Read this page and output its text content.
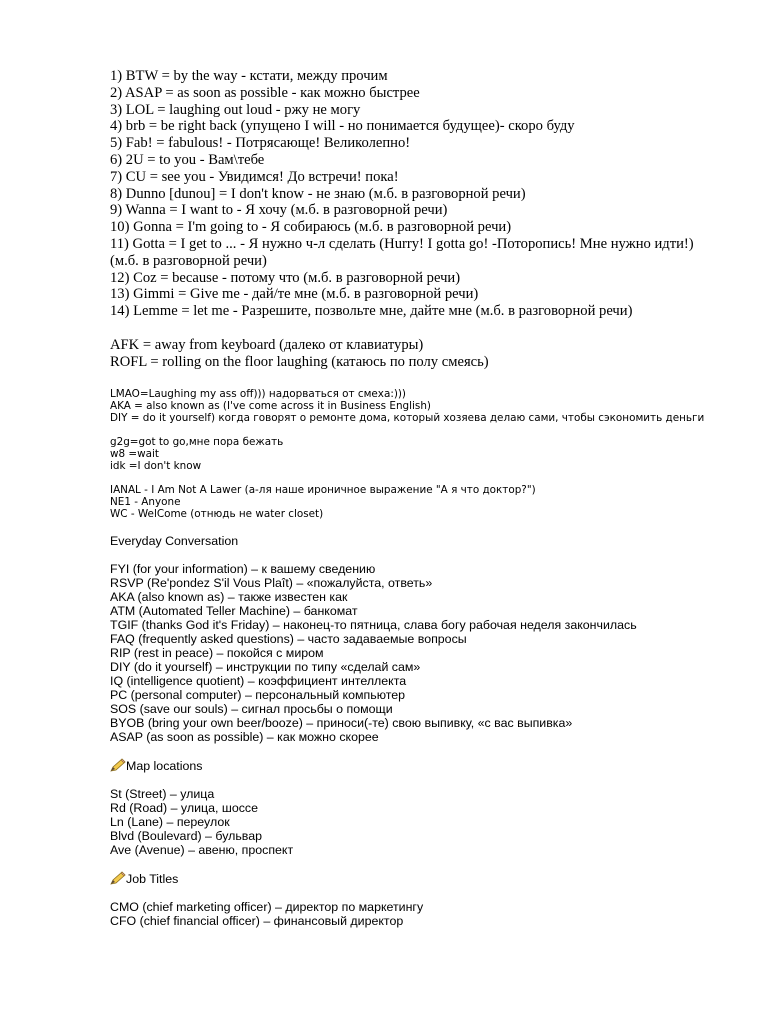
1) BTW = by the way - кстати, между прочим
2) ASAP = as soon as possible - как можно быстрее
3) LOL = laughing out loud - ржу не могу
4) brb = be right back (упущено I will - но понимается будущее)- скоро буду
5) Fab! = fabulous! - Потрясающе! Великолепно!
6) 2U = to you - Вам\тебе
7) CU = see you - Увидимся! До встречи! пока!
8) Dunno [dunou] = I don't know - не знаю (м.б. в разговорной речи)
9) Wanna = I want to - Я хочу (м.б. в разговорной речи)
10) Gonna = I'm going to - Я собираюсь (м.б. в разговорной речи)
11) Gotta = I get to ... - Я нужно ч-л сделать (Hurry! I gotta go! -Поторопись! Мне нужно идти!) (м.б. в разговорной речи)
12) Coz = because - потому что (м.б. в разговорной речи)
13) Gimmi = Give me - дай/те мне (м.б. в разговорной речи)
14) Lemme = let me - Разрешите, позвольте мне, дайте мне (м.б. в разговорной речи)
AFK = away from keyboard (далеко от клавиатуры)
ROFL = rolling on the floor laughing (катаюсь по полу смеясь)
LMAO=Laughing my ass off))) надорваться от смеха:)))
AKA = also known as (I've come across it in Business English)
DIY = do it yourself) когда говорят о ремонте дома, который хозяева делаю сами, чтобы сэкономить деньги
g2g=got to go,мне пора бежать
w8 =wait
idk =I don't know
IANAL - I Am Not A Lawer (а-ля наше ироничное выражение "А я что доктор?")
NE1 - Anyone
WC - WelCome (отнюдь не water closet)
Everyday Conversation
FYI (for your information) – к вашему сведению
RSVP (Re'pondez S'il Vous Plaît) – «пожалуйста, ответь»
AKA (also known as) – также известен как
ATM (Automated Teller Machine) – банкомат
TGIF (thanks God it's Friday) – наконец-то пятница, слава богу рабочая неделя закончилась
FAQ (frequently asked questions) – часто задаваемые вопросы
RIP (rest in peace) – покойся с миром
DIY (do it yourself) – инструкции по типу «сделай сам»
IQ (intelligence quotient) – коэффициент интеллекта
PC (personal computer) – персональный компьютер
SOS (save our souls) – сигнал просьбы о помощи
BYOB (bring your own beer/booze) – приноси(-те) свою выпивку, «с вас выпивка»
ASAP (as soon as possible) – как можно скорее
Map locations
St (Street) – улица
Rd (Road) – улица, шоссе
Ln (Lane) – переулок
Blvd (Boulevard) – бульвар
Ave (Avenue) – авеню, проспект
Job Titles
CMO (chief marketing officer) – директор по маркетингу
CFO (chief financial officer) – финансовый директор
